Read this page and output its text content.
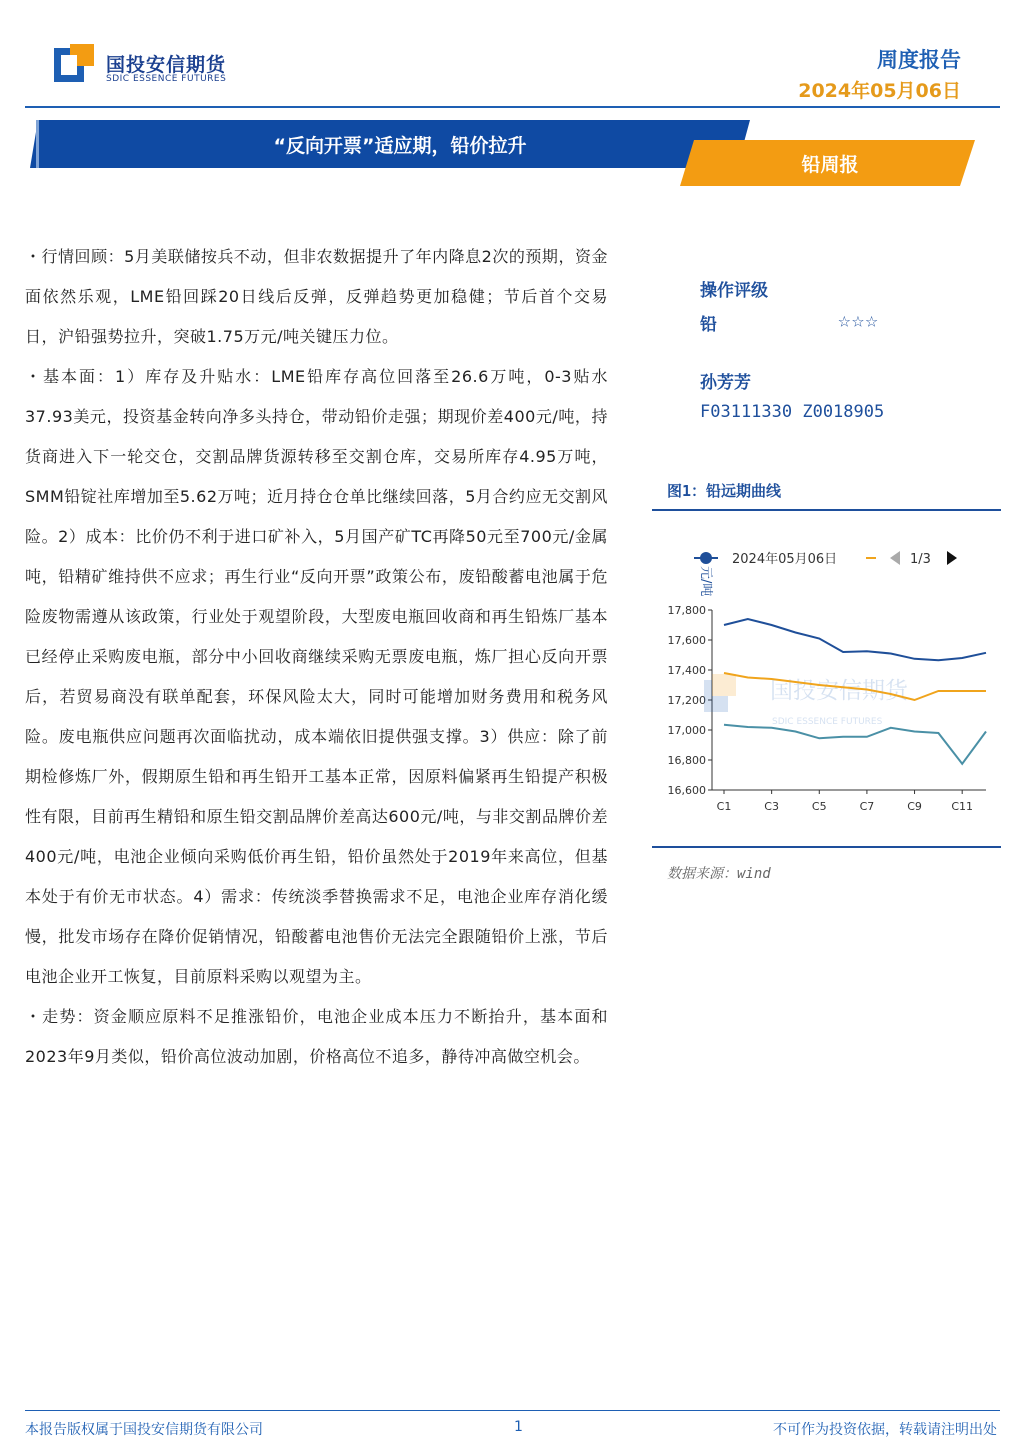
国投安信期货
SDIC ESSENCE FUTURES
周度报告
2024年05月06日
“反向开票”适应期，铅价拉升
铅周报

・行情回顾：5月美联储按兵不动，但非农数据提升了年内降息2次的预期，资金面依然乐观，LME铅回踩20日线后反弹，反弹趋势更加稳健；节后首个交易日，沪铅强势拉升，突破1.75万元/吨关键压力位。

・基本面：1）库存及升贴水：LME铅库存高位回落至26.6万吨，0-3贴水37.93美元，投资基金转向净多头持仓，带动铅价走强；期现价差400元/吨，持货商进入下一轮交仓，交割品牌货源转移至交割仓库，交易所库存4.95万吨，SMM铅锭社库增加至5.62万吨；近月持仓仓单比继续回落，5月合约应无交割风险。2）成本：比价仍不利于进口矿补入，5月国产矿TC再降50元至700元/金属吨，铅精矿维持供不应求；再生行业“反向开票”政策公布，废铅酸蓄电池属于危险废物需遵从该政策，行业处于观望阶段，大型废电瓶回收商和再生铅炼厂基本已经停止采购废电瓶，部分中小回收商继续采购无票废电瓶，炼厂担心反向开票后，若贸易商没有联单配套，环保风险太大，同时可能增加财务费用和税务风险。废电瓶供应问题再次面临扰动，成本端依旧提供强支撑。3）供应：除了前期检修炼厂外，假期原生铅和再生铅开工基本正常，因原料偏紧再生铅提产积极性有限，目前再生精铅和原生铅交割品牌价差高达600元/吨，与非交割品牌价差400元/吨，电池企业倾向采购低价再生铅，铅价虽然处于2019年来高位，但基本处于有价无市状态。4）需求：传统淡季替换需求不足，电池企业库存消化缓慢，批发市场存在降价促销情况，铅酸蓄电池售价无法完全跟随铅价上涨，节后电池企业开工恢复，目前原料采购以观望为主。

・走势：资金顺应原料不足推涨铅价，电池企业成本压力不断抬升，基本面和2023年9月类似，铅价高位波动加剧，价格高位不追多，静待冲高做空机会。

操作评级
铅	☆☆☆
孙芳芳
F03111330 Z0018905
图1：铅远期曲线
2024年05月06日	1/3
元/吨
17,800
17,600
17,400
17,200
17,000
16,800
16,600
C1	C3	C5	C7	C9	C11
国投安信期货
SDIC ESSENCE FUTURES
数据来源：wind
本报告版权属于国投安信期货有限公司	1	不可作为投资依据，转载请注明出处
